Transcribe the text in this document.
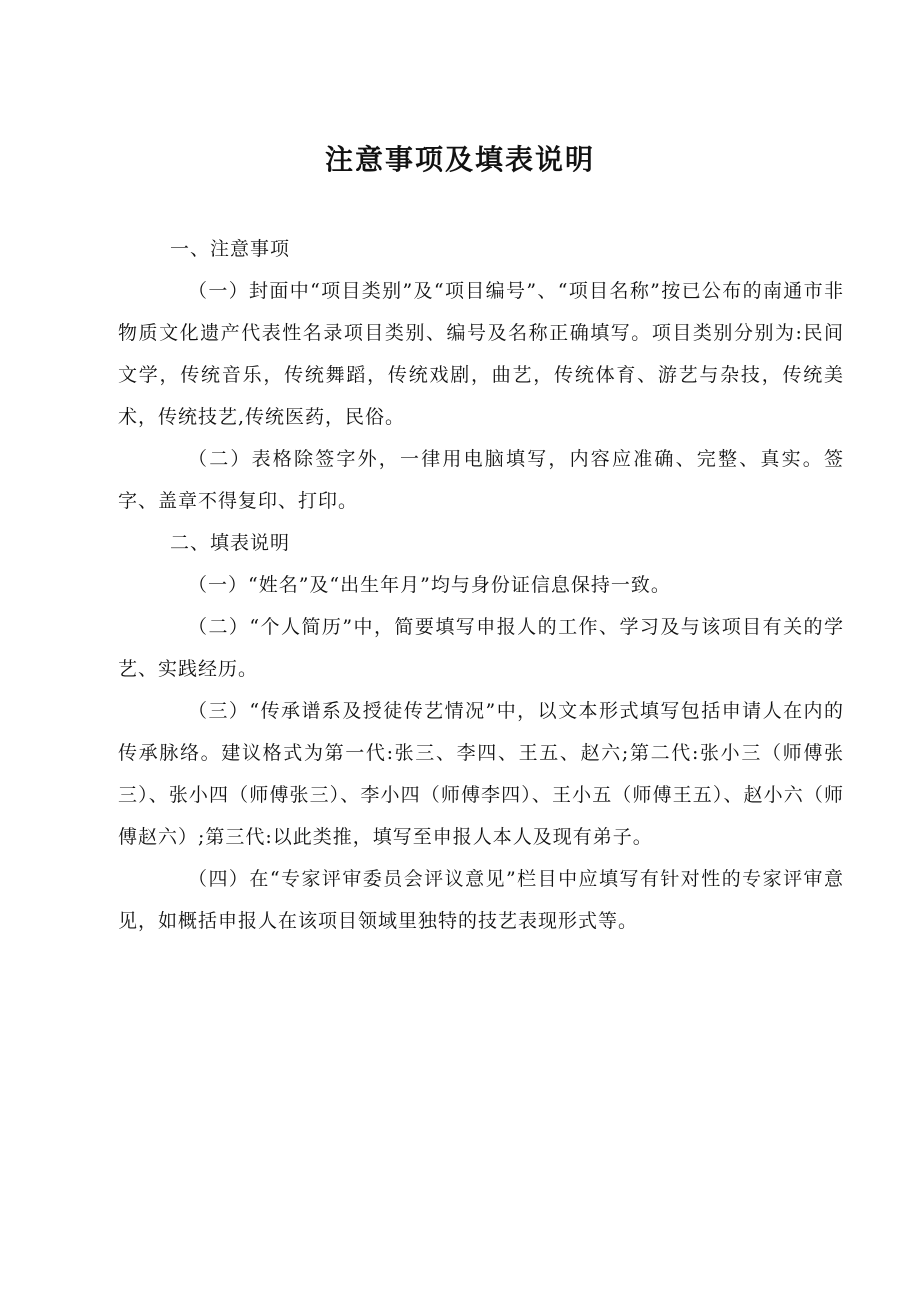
注意事项及填表说明

一、注意事项

（一）封面中“项目类别”及“项目编号”、“项目名称”按已公布的南通市非物质文化遗产代表性名录项目类别、编号及名称正确填写。项目类别分别为:民间文学，传统音乐，传统舞蹈，传统戏剧，曲艺，传统体育、游艺与杂技，传统美术，传统技艺,传统医药，民俗。

（二）表格除签字外，一律用电脑填写，内容应准确、完整、真实。签字、盖章不得复印、打印。

二、填表说明

（一）“姓名”及“出生年月”均与身份证信息保持一致。

（二）“个人简历”中，简要填写申报人的工作、学习及与该项目有关的学艺、实践经历。

（三）“传承谱系及授徒传艺情况”中，以文本形式填写包括申请人在内的传承脉络。建议格式为第一代:张三、李四、王五、赵六;第二代:张小三（师傅张三）、张小四（师傅张三）、李小四（师傅李四）、王小五（师傅王五）、赵小六（师傅赵六）;第三代:以此类推，填写至申报人本人及现有弟子。

（四）在“专家评审委员会评议意见”栏目中应填写有针对性的专家评审意见，如概括申报人在该项目领域里独特的技艺表现形式等。
